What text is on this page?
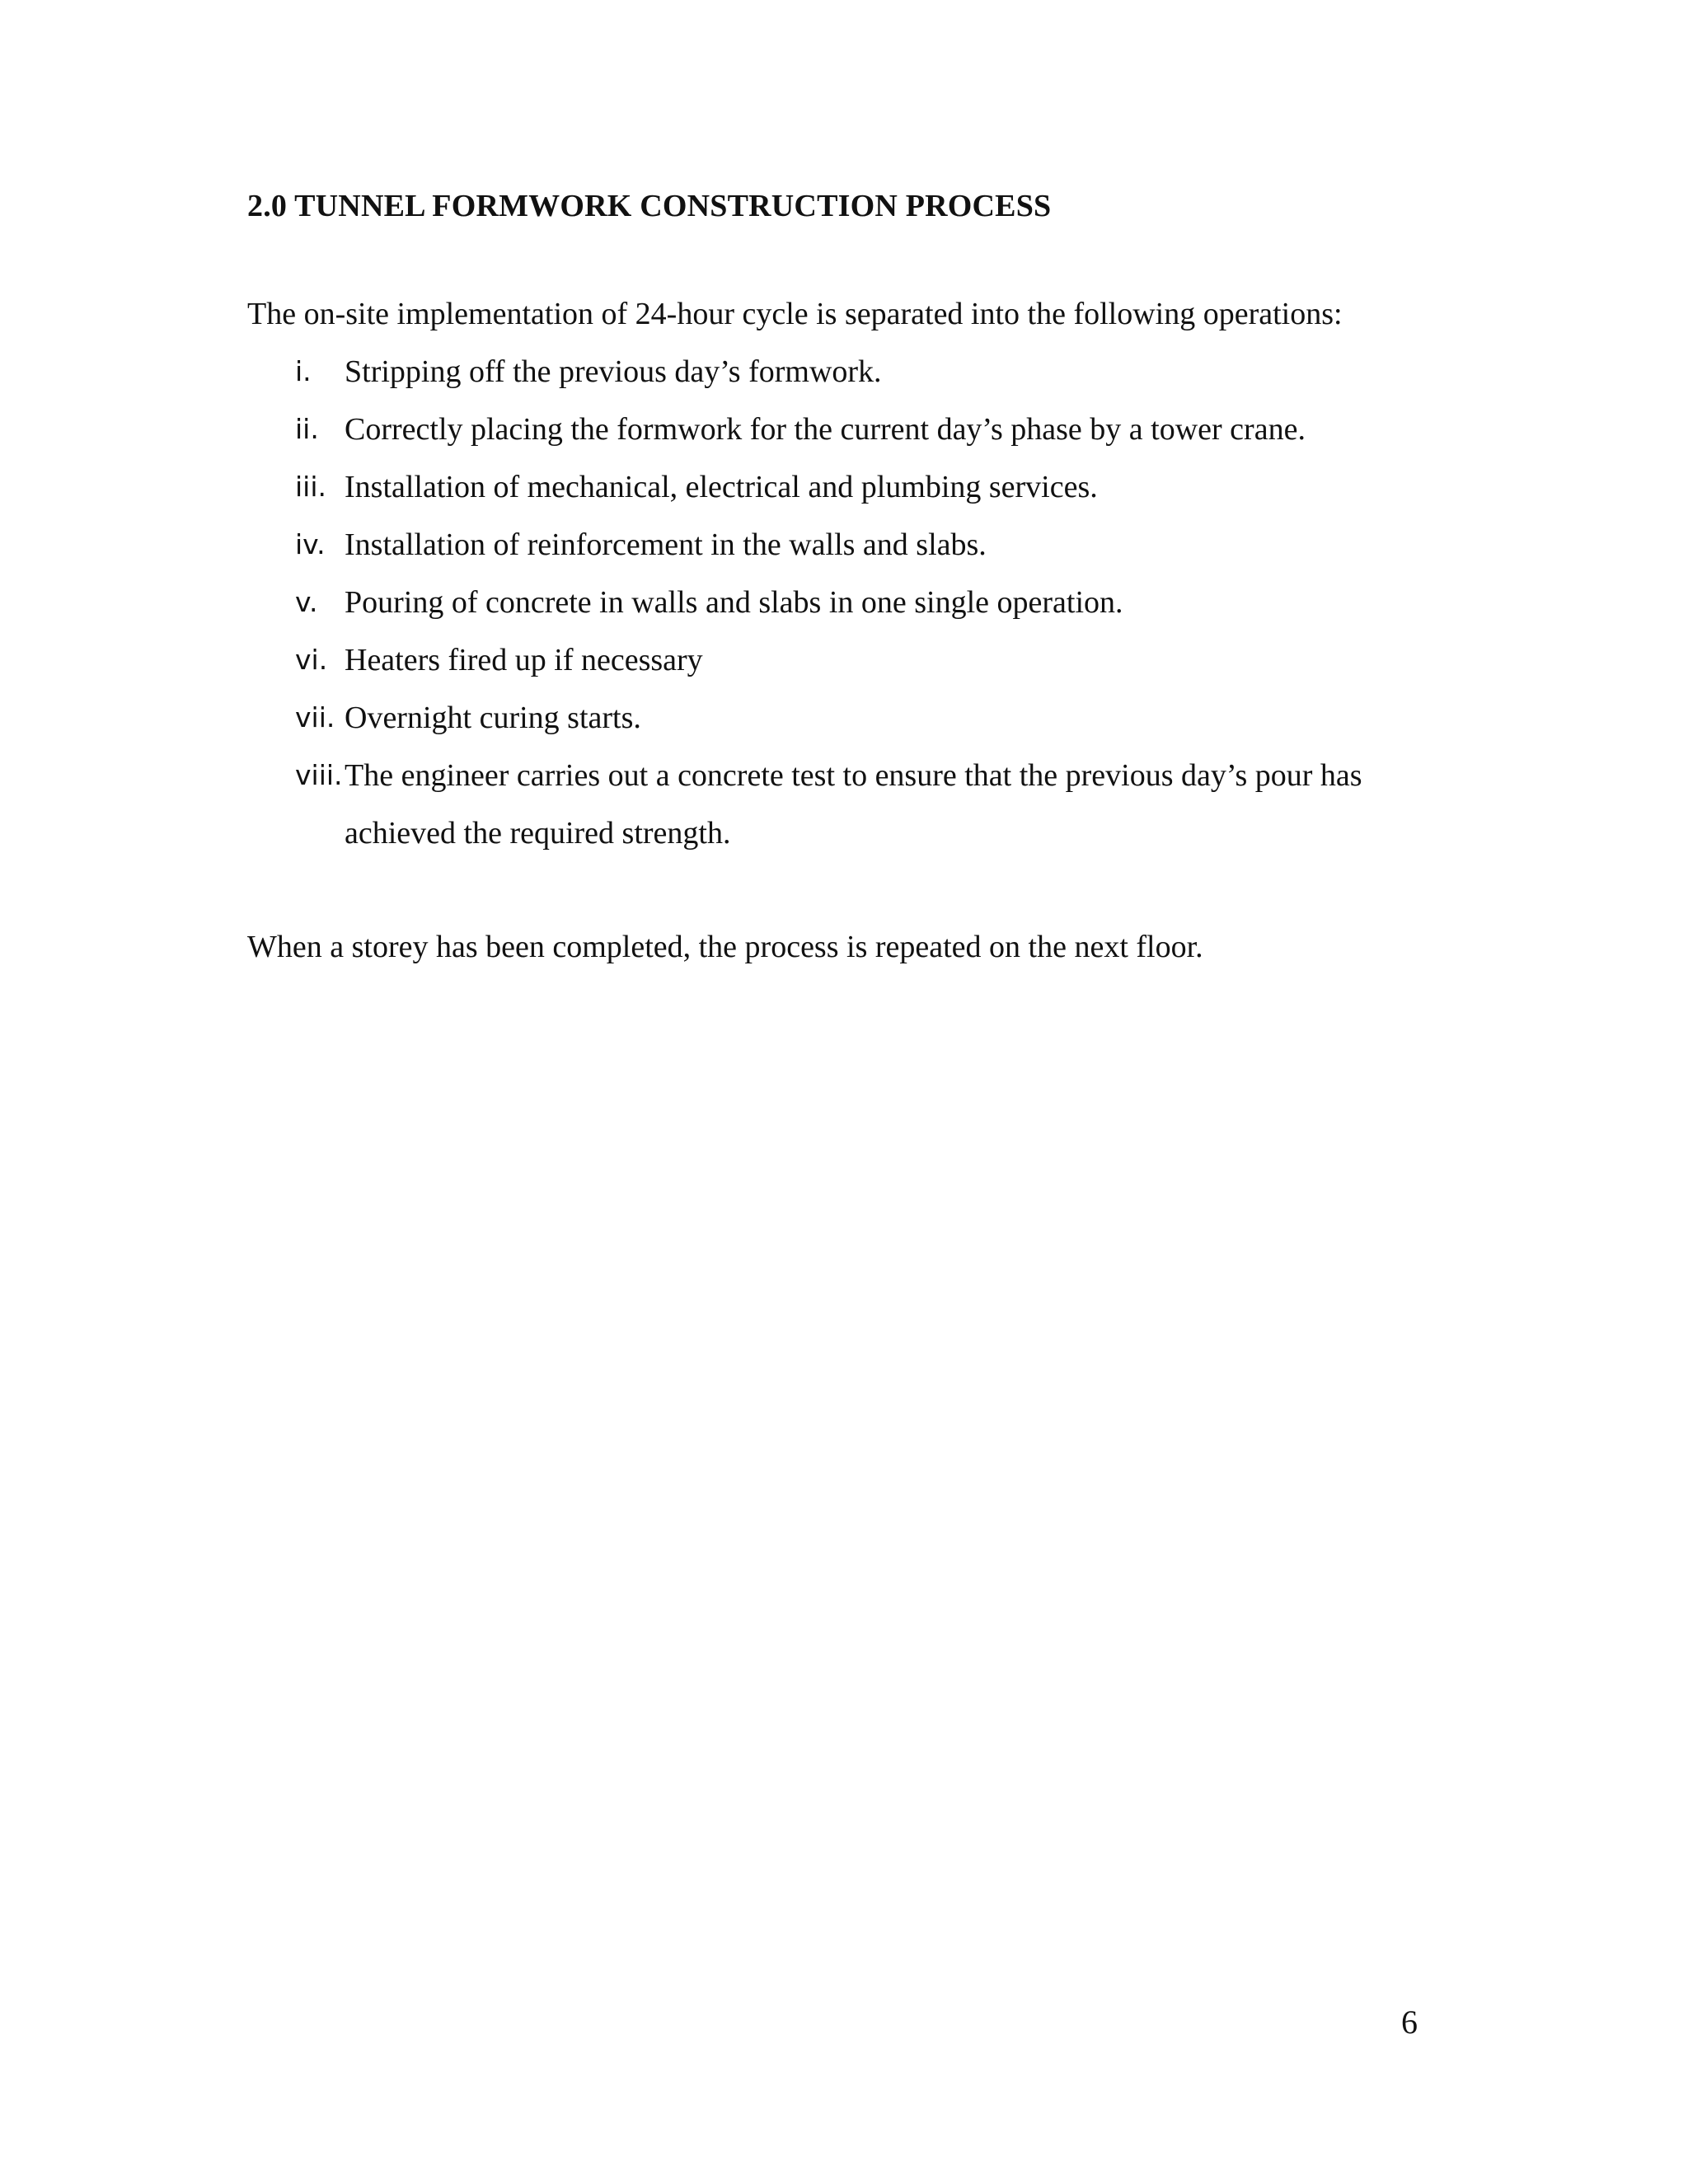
2.0 TUNNEL FORMWORK CONSTRUCTION PROCESS

The on-site implementation of 24-hour cycle is separated into the following operations:

i. Stripping off the previous day’s formwork.
ii. Correctly placing the formwork for the current day’s phase by a tower crane.
iii. Installation of mechanical, electrical and plumbing services.
iv. Installation of reinforcement in the walls and slabs.
v. Pouring of concrete in walls and slabs in one single operation.
vi. Heaters fired up if necessary
vii. Overnight curing starts.
viii. The engineer carries out a concrete test to ensure that the previous day’s pour has achieved the required strength.

When a storey has been completed, the process is repeated on the next floor.

6
